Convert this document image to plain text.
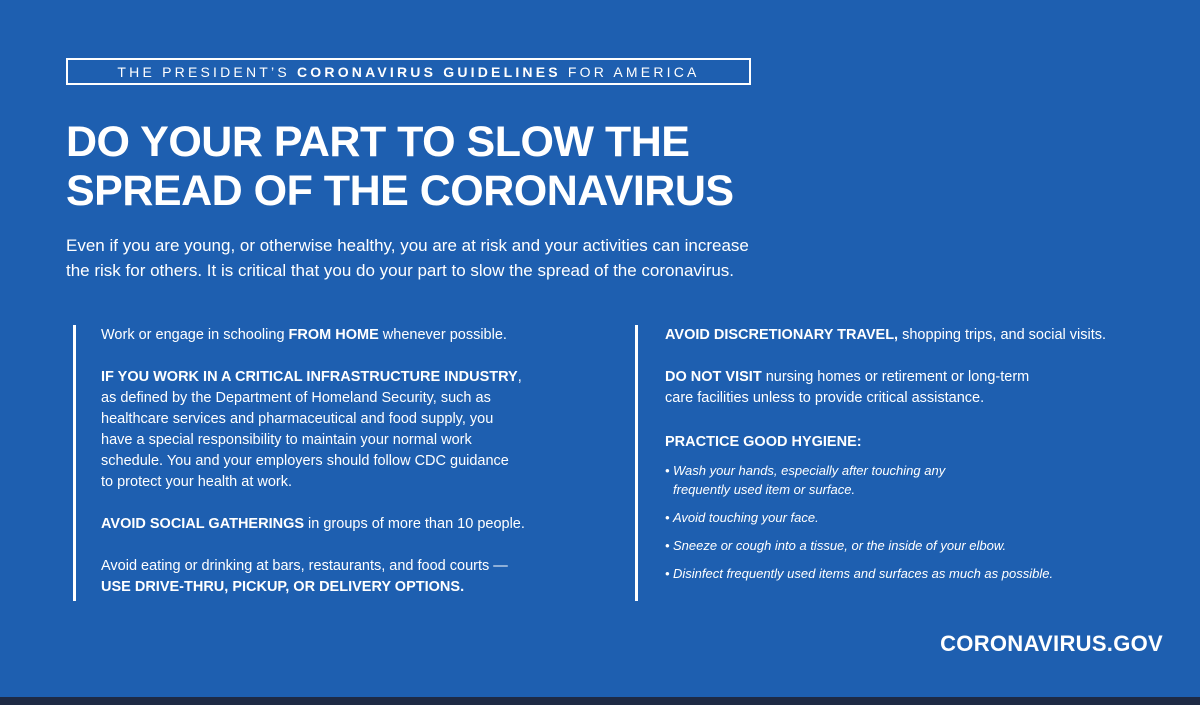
THE PRESIDENT’S
CORONAVIRUS GUIDELINES
FOR AMERICA
DO YOUR PART TO SLOW THE
SPREAD OF THE CORONAVIRUS
Even if you are young, or otherwise healthy, you are at risk and your activities can increase
the risk for others. It is critical that you do your part to slow the spread of the coronavirus.

Work or engage in schooling FROM HOME whenever possible.

IF YOU WORK IN A CRITICAL INFRASTRUCTURE INDUSTRY,
as defined by the Department of Homeland Security, such as
healthcare services and pharmaceutical and food supply, you
have a special responsibility to maintain your normal work
schedule. You and your employers should follow CDC guidance
to protect your health at work.

AVOID SOCIAL GATHERINGS in groups of more than 10 people.

Avoid eating or drinking at bars, restaurants, and food courts —
USE DRIVE-THRU, PICKUP, OR DELIVERY OPTIONS.

AVOID DISCRETIONARY TRAVEL, shopping trips, and social visits.

DO NOT VISIT nursing homes or retirement or long-term
care facilities unless to provide critical assistance.
PRACTICE GOOD HYGIENE:
• Wash your hands, especially after touching any
frequently used item or surface.
• Avoid touching your face.
• Sneeze or cough into a tissue, or the inside of your elbow.
• Disinfect frequently used items and surfaces as much as possible.
CORONAVIRUS.GOV
